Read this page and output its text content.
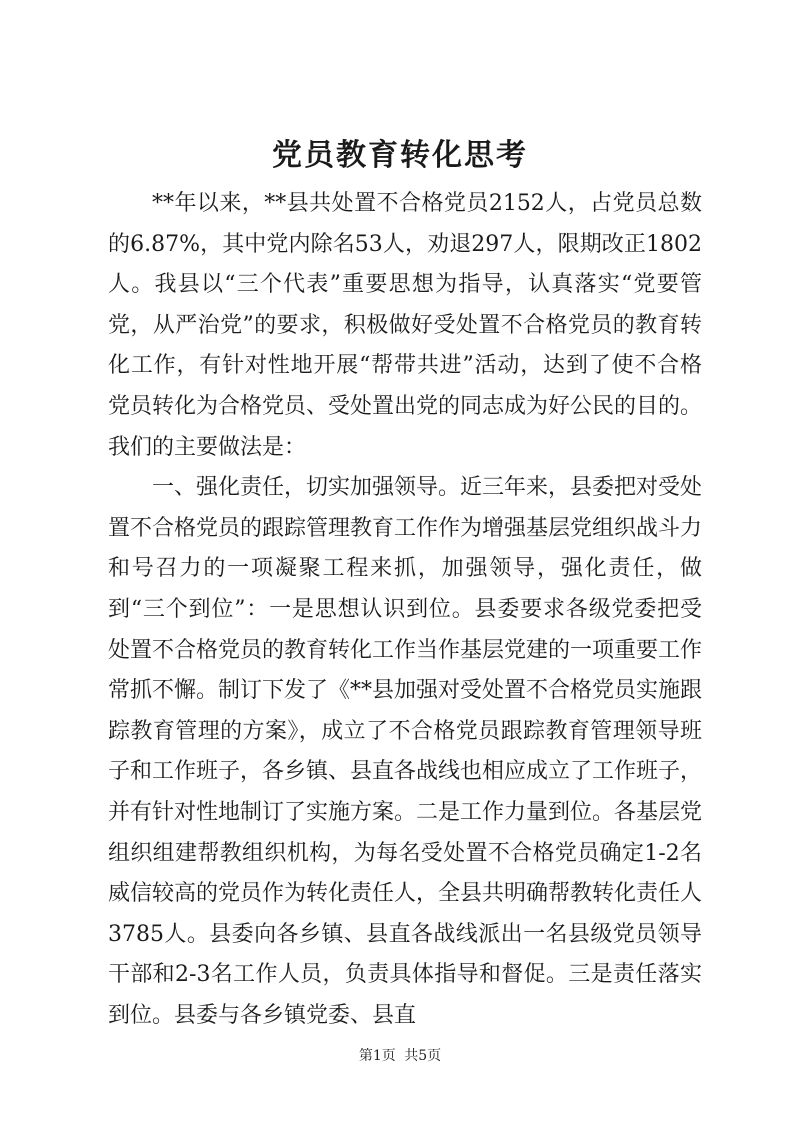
党员教育转化思考

**年以来，**县共处置不合格党员2152人，占党员总数的6.87%，其中党内除名53人，劝退297人，限期改正1802人。我县以“三个代表”重要思想为指导，认真落实“党要管党，从严治党”的要求，积极做好受处置不合格党员的教育转化工作，有针对性地开展“帮带共进”活动，达到了使不合格党员转化为合格党员、受处置出党的同志成为好公民的目的。我们的主要做法是：

一、强化责任，切实加强领导。近三年来，县委把对受处置不合格党员的跟踪管理教育工作作为增强基层党组织战斗力和号召力的一项凝聚工程来抓，加强领导，强化责任，做到“三个到位”：一是思想认识到位。县委要求各级党委把受处置不合格党员的教育转化工作当作基层党建的一项重要工作常抓不懈。制订下发了《**县加强对受处置不合格党员实施跟踪教育管理的方案》，成立了不合格党员跟踪教育管理领导班子和工作班子，各乡镇、县直各战线也相应成立了工作班子，并有针对性地制订了实施方案。二是工作力量到位。各基层党组织组建帮教组织机构，为每名受处置不合格党员确定1-2名威信较高的党员作为转化责任人，全县共明确帮教转化责任人3785人。县委向各乡镇、县直各战线派出一名县级党员领导干部和2-3名工作人员，负责具体指导和督促。三是责任落实到位。县委与各乡镇党委、县直

第1页 共5页
